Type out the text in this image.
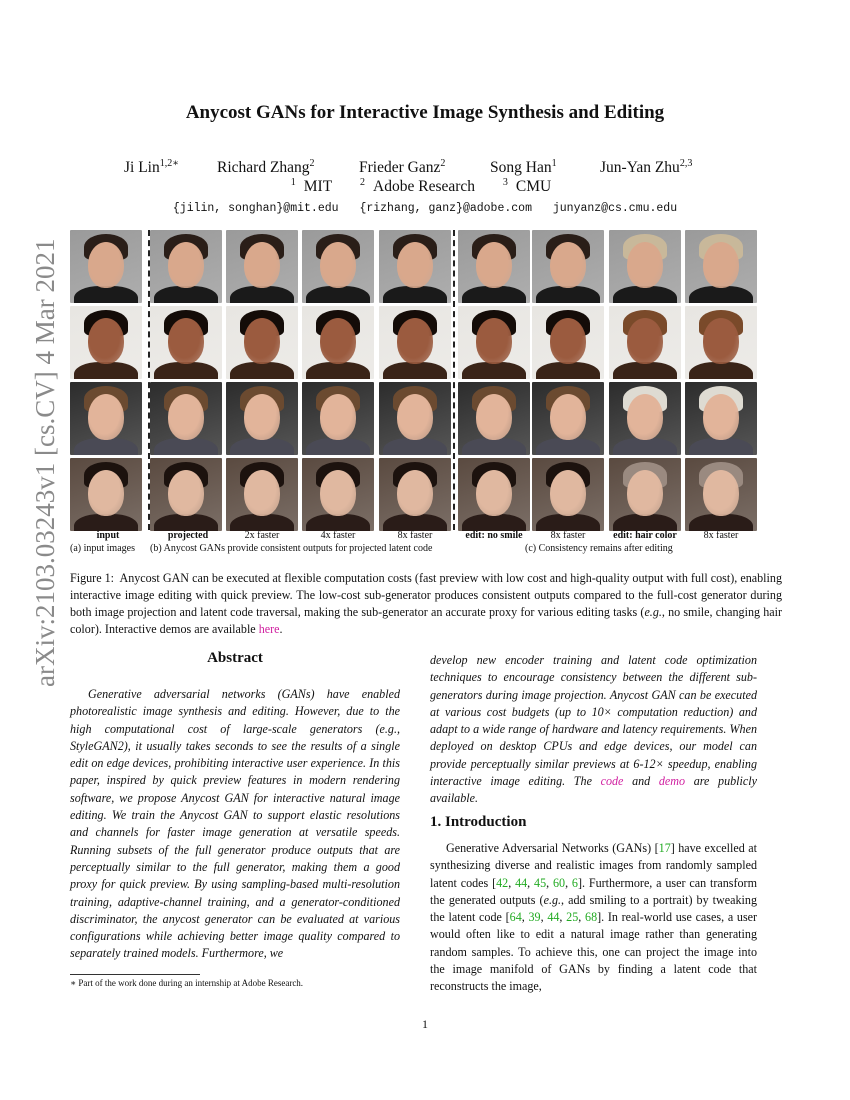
arXiv:2103.03243v1 [cs.CV] 4 Mar 2021
Anycost GANs for Interactive Image Synthesis and Editing
Ji Lin$^{1,2∗}$ Richard Zhang$^2$	Frieder Ganz$^2$	Song Han$^1$	Jun-Yan Zhu$^{2,3}$
$^1$ MIT	$^2$ Adobe Research	$^3$ CMU
{jilin, songhan}@mit.edu {rizhang, ganz}@adobe.com junyanz@cs.cmu.edu
input	projected	2x faster	4x faster	8x faster	edit: no smile	8x faster	edit: hair color	8x faster
(a) input images (b) Anycost GANs provide consistent outputs for projected latent code	(c) Consistency remains after editing
Figure 1: Anycost GAN can be executed at flexible computation costs (fast preview with low cost and high-quality output with full cost), enabling interactive image editing with quick preview. The low-cost sub-generator produces consistent outputs compared to the full-cost generator during both image projection and latent code traversal, making the sub-generator an accurate proxy for various editing tasks (e.g., no smile, changing hair color). Interactive demos are available here.
Abstract
Generative adversarial networks (GANs) have enabled photorealistic image synthesis and editing. However, due to the high computational cost of large-scale generators (e.g., StyleGAN2), it usually takes seconds to see the results of a single edit on edge devices, prohibiting interactive user experience. In this paper, inspired by quick preview features in modern rendering software, we propose Anycost GAN for interactive natural image editing. We train the Anycost GAN to support elastic resolutions and channels for faster image generation at versatile speeds. Running subsets of the full generator produce outputs that are perceptually similar to the full generator, making them a good proxy for quick preview. By using sampling-based multi-resolution training, adaptive-channel training, and a generator-conditioned discriminator, the anycost generator can be evaluated at various configurations while achieving better image quality compared to separately trained models. Furthermore, we
develop new encoder training and latent code optimization techniques to encourage consistency between the different sub-generators during image projection. Anycost GAN can be executed at various cost budgets (up to 10× computation reduction) and adapt to a wide range of hardware and latency requirements. When deployed on desktop CPUs and edge devices, our model can provide perceptually similar previews at 6-12× speedup, enabling interactive image editing. The code and demo are publicly available.
1. Introduction
Generative Adversarial Networks (GANs) [17] have excelled at synthesizing diverse and realistic images from randomly sampled latent codes [42, 44, 45, 60, 6]. Furthermore, a user can transform the generated outputs (e.g., add smiling to a portrait) by tweaking the latent code [64, 39, 44, 25, 68]. In real-world use cases, a user would often like to edit a natural image rather than generating random samples. To achieve this, one can project the image into the image manifold of GANs by finding a latent code that reconstructs the image,
∗ Part of the work done during an internship at Adobe Research.
1
